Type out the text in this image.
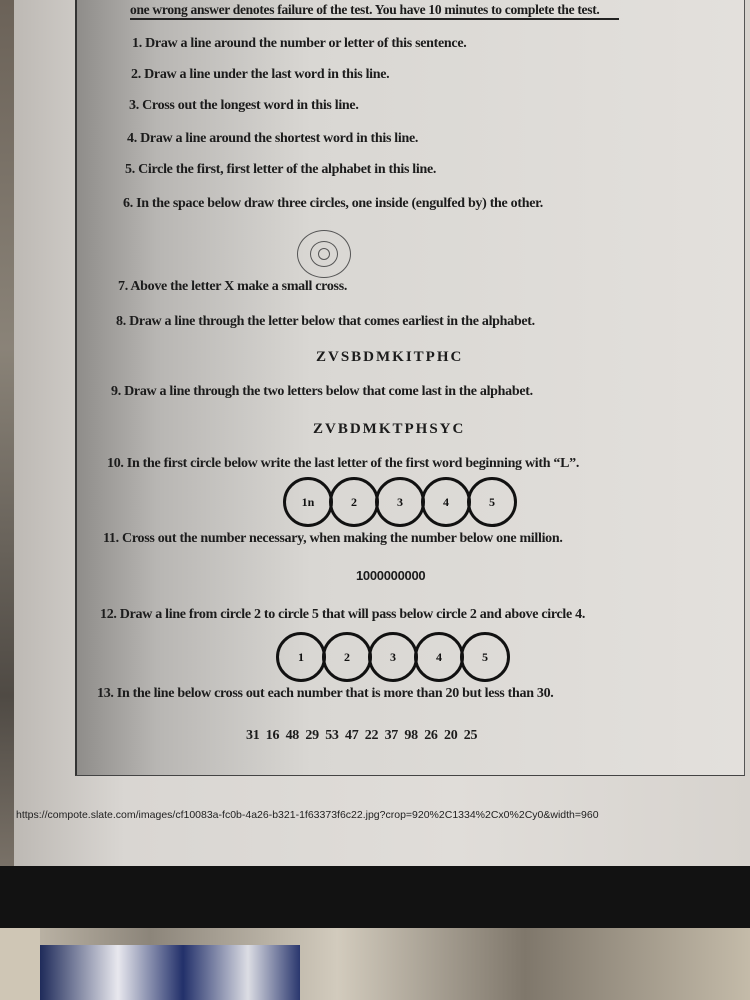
one wrong answer denotes failure of the test. You have 10 minutes to complete the test.
1. Draw a line around the number or letter of this sentence.
2. Draw a line under the last word in this line.
3. Cross out the longest word in this line.
4. Draw a line around the shortest word in this line.
5. Circle the first, first letter of the alphabet in this line.
6. In the space below draw three circles, one inside (engulfed by) the other.
7. Above the letter X make a small cross.
8. Draw a line through the letter below that comes earliest in the alphabet.
ZVSBDMKITPHC
9. Draw a line through the two letters below that come last in the alphabet.
ZVBDMKTPHSYC
10. In the first circle below write the last letter of the first word beginning with “L”.
1n	2	3	4	5
11. Cross out the number necessary, when making the number below one million.
1000000000
12. Draw a line from circle 2 to circle 5 that will pass below circle 2 and above circle 4.
1	2	3	4	5
13. In the line below cross out each number that is more than 20 but less than 30.
31  16  48  29  53  47  22  37  98  26  20  25
https://compote.slate.com/images/cf10083a-fc0b-4a26-b321-1f63373f6c22.jpg?crop=920%2C1334%2Cx0%2Cy0&width=960
